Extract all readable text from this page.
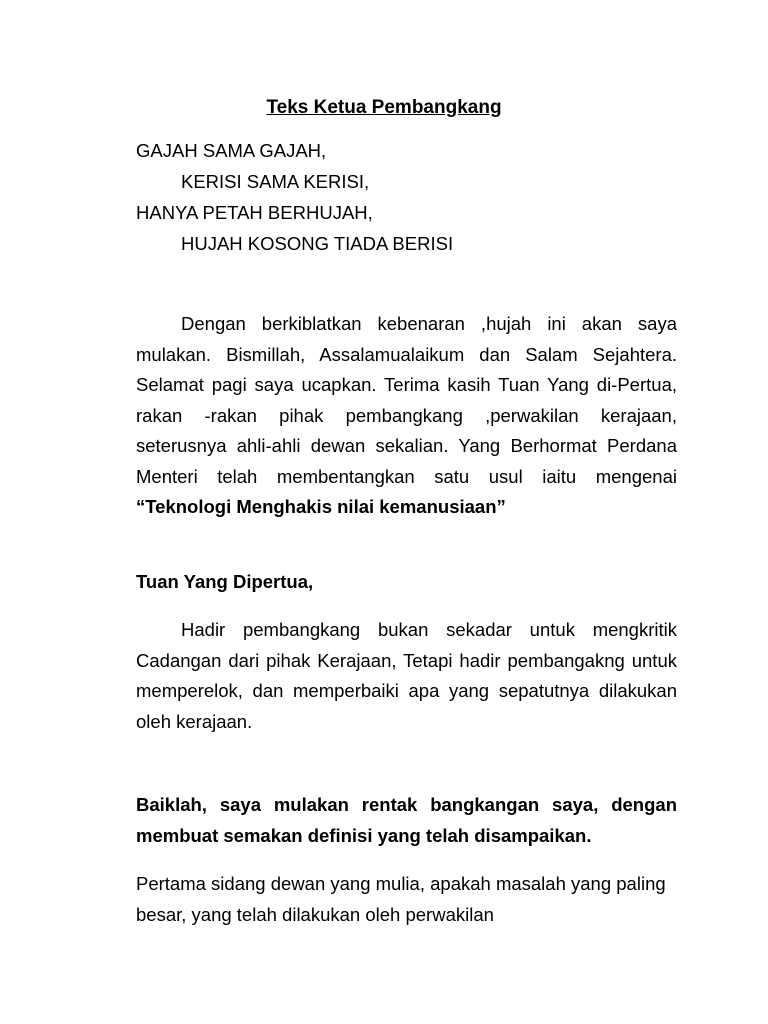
Teks Ketua Pembangkang
GAJAH SAMA GAJAH,
KERISI SAMA KERISI,
HANYA PETAH BERHUJAH,
HUJAH KOSONG TIADA BERISI

Dengan berkiblatkan kebenaran ,hujah ini akan saya mulakan. Bismillah, Assalamualaikum dan Salam Sejahtera. Selamat pagi saya ucapkan. Terima kasih Tuan Yang di-Pertua, rakan -rakan pihak pembangkang ,perwakilan kerajaan, seterusnya ahli-ahli dewan sekalian. Yang Berhormat Perdana Menteri telah membentangkan satu usul iaitu mengenai “Teknologi Menghakis nilai kemanusiaan”

Tuan Yang Dipertua,

Hadir pembangkang bukan sekadar untuk mengkritik Cadangan dari pihak Kerajaan, Tetapi hadir pembangakng untuk memperelok, dan memperbaiki apa yang sepatutnya dilakukan oleh kerajaan.

Baiklah, saya mulakan rentak bangkangan saya, dengan membuat semakan definisi yang telah disampaikan.

Pertama sidang dewan yang mulia, apakah masalah yang paling besar, yang telah dilakukan oleh perwakilan
